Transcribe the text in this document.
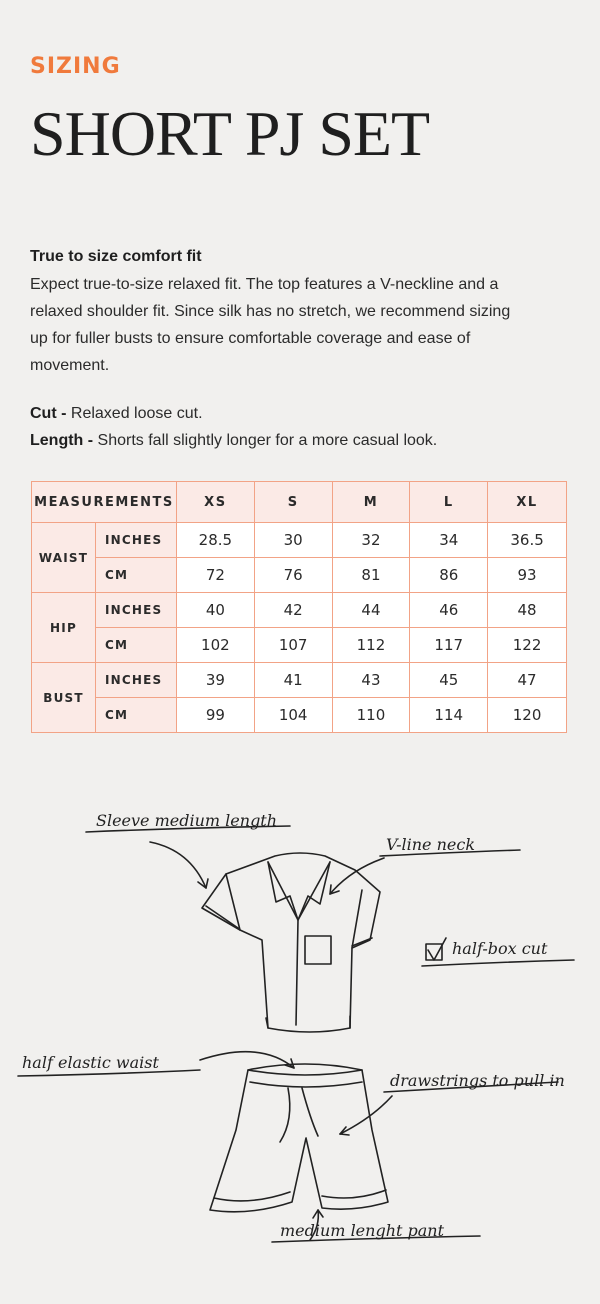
SIZING
SHORT PJ SET
True to size comfort fit
Expect true-to-size relaxed fit. The top features a V-neckline and a relaxed shoulder fit. Since silk has no stretch, we recommend sizing up for fuller busts to ensure comfortable coverage and ease of movement.
Cut - Relaxed loose cut.
Length - Shorts fall slightly longer for a more casual look.
MEASUREMENTS		XS	S	M	L	XL
WAIST	INCHES	28.5	30	32	34	36.5
	CM	72	76	81	86	93
HIP	INCHES	40	42	44	46	48
	CM	102	107	112	117	122
BUST	INCHES	39	41	43	45	47
	CM	99	104	110	114	120
Sleeve medium length
V-line neck
half-box cut
half elastic waist
drawstrings to pull in
medium lenght pant
